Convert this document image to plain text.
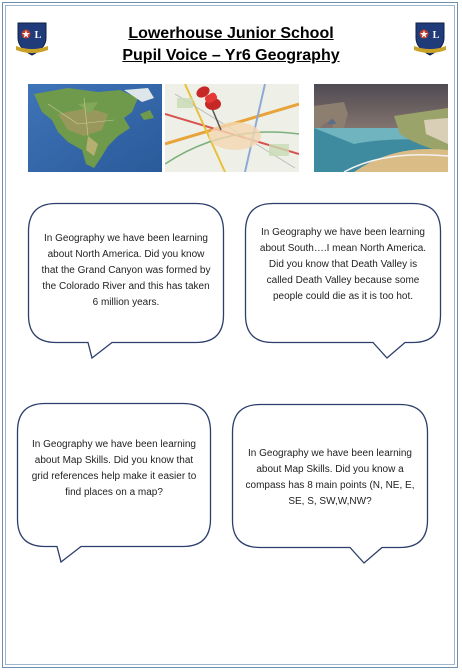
L	L
Lowerhouse Junior School
Pupil Voice – Yr6 Geography
In Geography we have been learning about North America. Did you know that the Grand Canyon was formed by the Colorado River and this has taken 6 million years.
In Geography we have been learning about South….I mean North America. Did you know that Death Valley is called Death Valley because some people could die as it is too hot.
In Geography we have been learning about Map Skills. Did you know that grid references help make it easier to find places on a map?
In Geography we have been learning about Map Skills. Did you know a compass has 8 main points (N, NE, E, SE, S, SW,W,NW?
